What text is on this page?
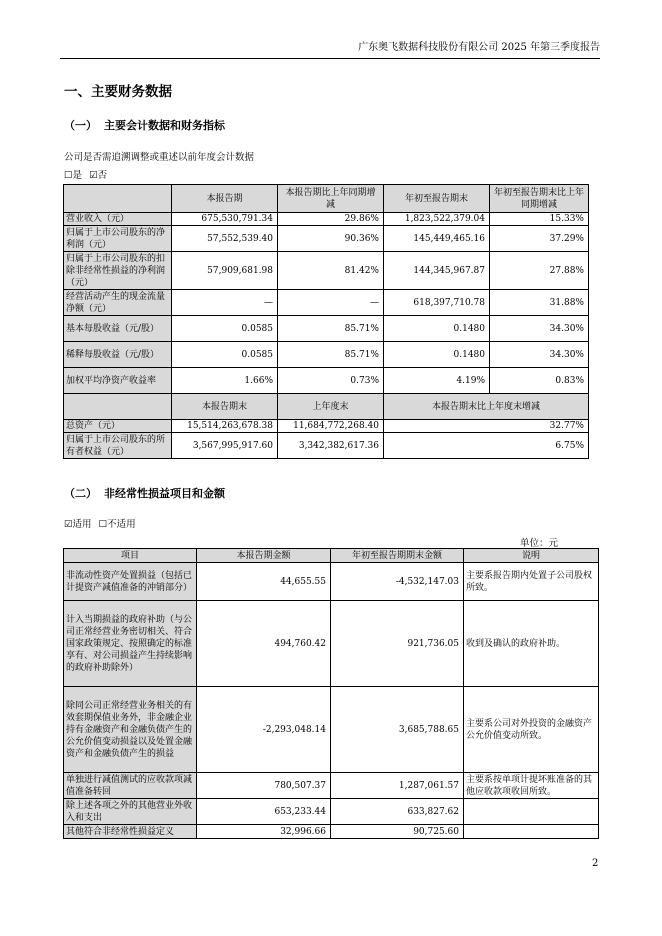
广东奥飞数据科技股份有限公司 2025 年第三季度报告
一、主要财务数据
（一） 主要会计数据和财务指标
公司是否需追溯调整或重述以前年度会计数据
☐是 ☑否
	本报告期	本报告期比上年同期增减	年初至报告期末	年初至报告期末比上年同期增减
营业收入（元）	675,530,791.34	29.86%	1,823,522,379.04	15.33%
归属于上市公司股东的净利润（元）	57,552,539.40	90.36%	145,449,465.16	37.29%
归属于上市公司股东的扣除非经常性损益的净利润（元）	57,909,681.98	81.42%	144,345,967.87	27.88%
经营活动产生的现金流量净额（元）	—	—	618,397,710.78	31.88%
基本每股收益（元/股）	0.0585	85.71%	0.1480	34.30%
稀释每股收益（元/股）	0.0585	85.71%	0.1480	34.30%
加权平均净资产收益率	1.66%	0.73%	4.19%	0.83%
	本报告期末	上年度末	本报告期末比上年度末增减	
总资产（元）	15,514,263,678.38	11,684,772,268.40	32.77%	
归属于上市公司股东的所有者权益（元）	3,567,995,917.60	3,342,382,617.36	6.75%	
（二） 非经常性损益项目和金额
☑适用 ☐不适用
单位：元
项目	本报告期金额	年初至报告期期末金额	说明
非流动性资产处置损益（包括已计提资产减值准备的冲销部分）	44,655.55	-4,532,147.03	主要系报告期内处置子公司股权所致。
计入当期损益的政府补助（与公司正常经营业务密切相关、符合国家政策规定、按照确定的标准享有、对公司损益产生持续影响的政府补助除外）	494,760.42	921,736.05	收到及确认的政府补助。
除同公司正常经营业务相关的有效套期保值业务外，非金融企业持有金融资产和金融负债产生的公允价值变动损益以及处置金融资产和金融负债产生的损益	-2,293,048.14	3,685,788.65	主要系公司对外投资的金融资产公允价值变动所致。
单独进行减值测试的应收款项减值准备转回	780,507.37	1,287,061.57	主要系按单项计提坏账准备的其他应收款项收回所致。
除上述各项之外的其他营业外收入和支出	653,233.44	633,827.62	
其他符合非经常性损益定义	32,996.66	90,725.60	
2
